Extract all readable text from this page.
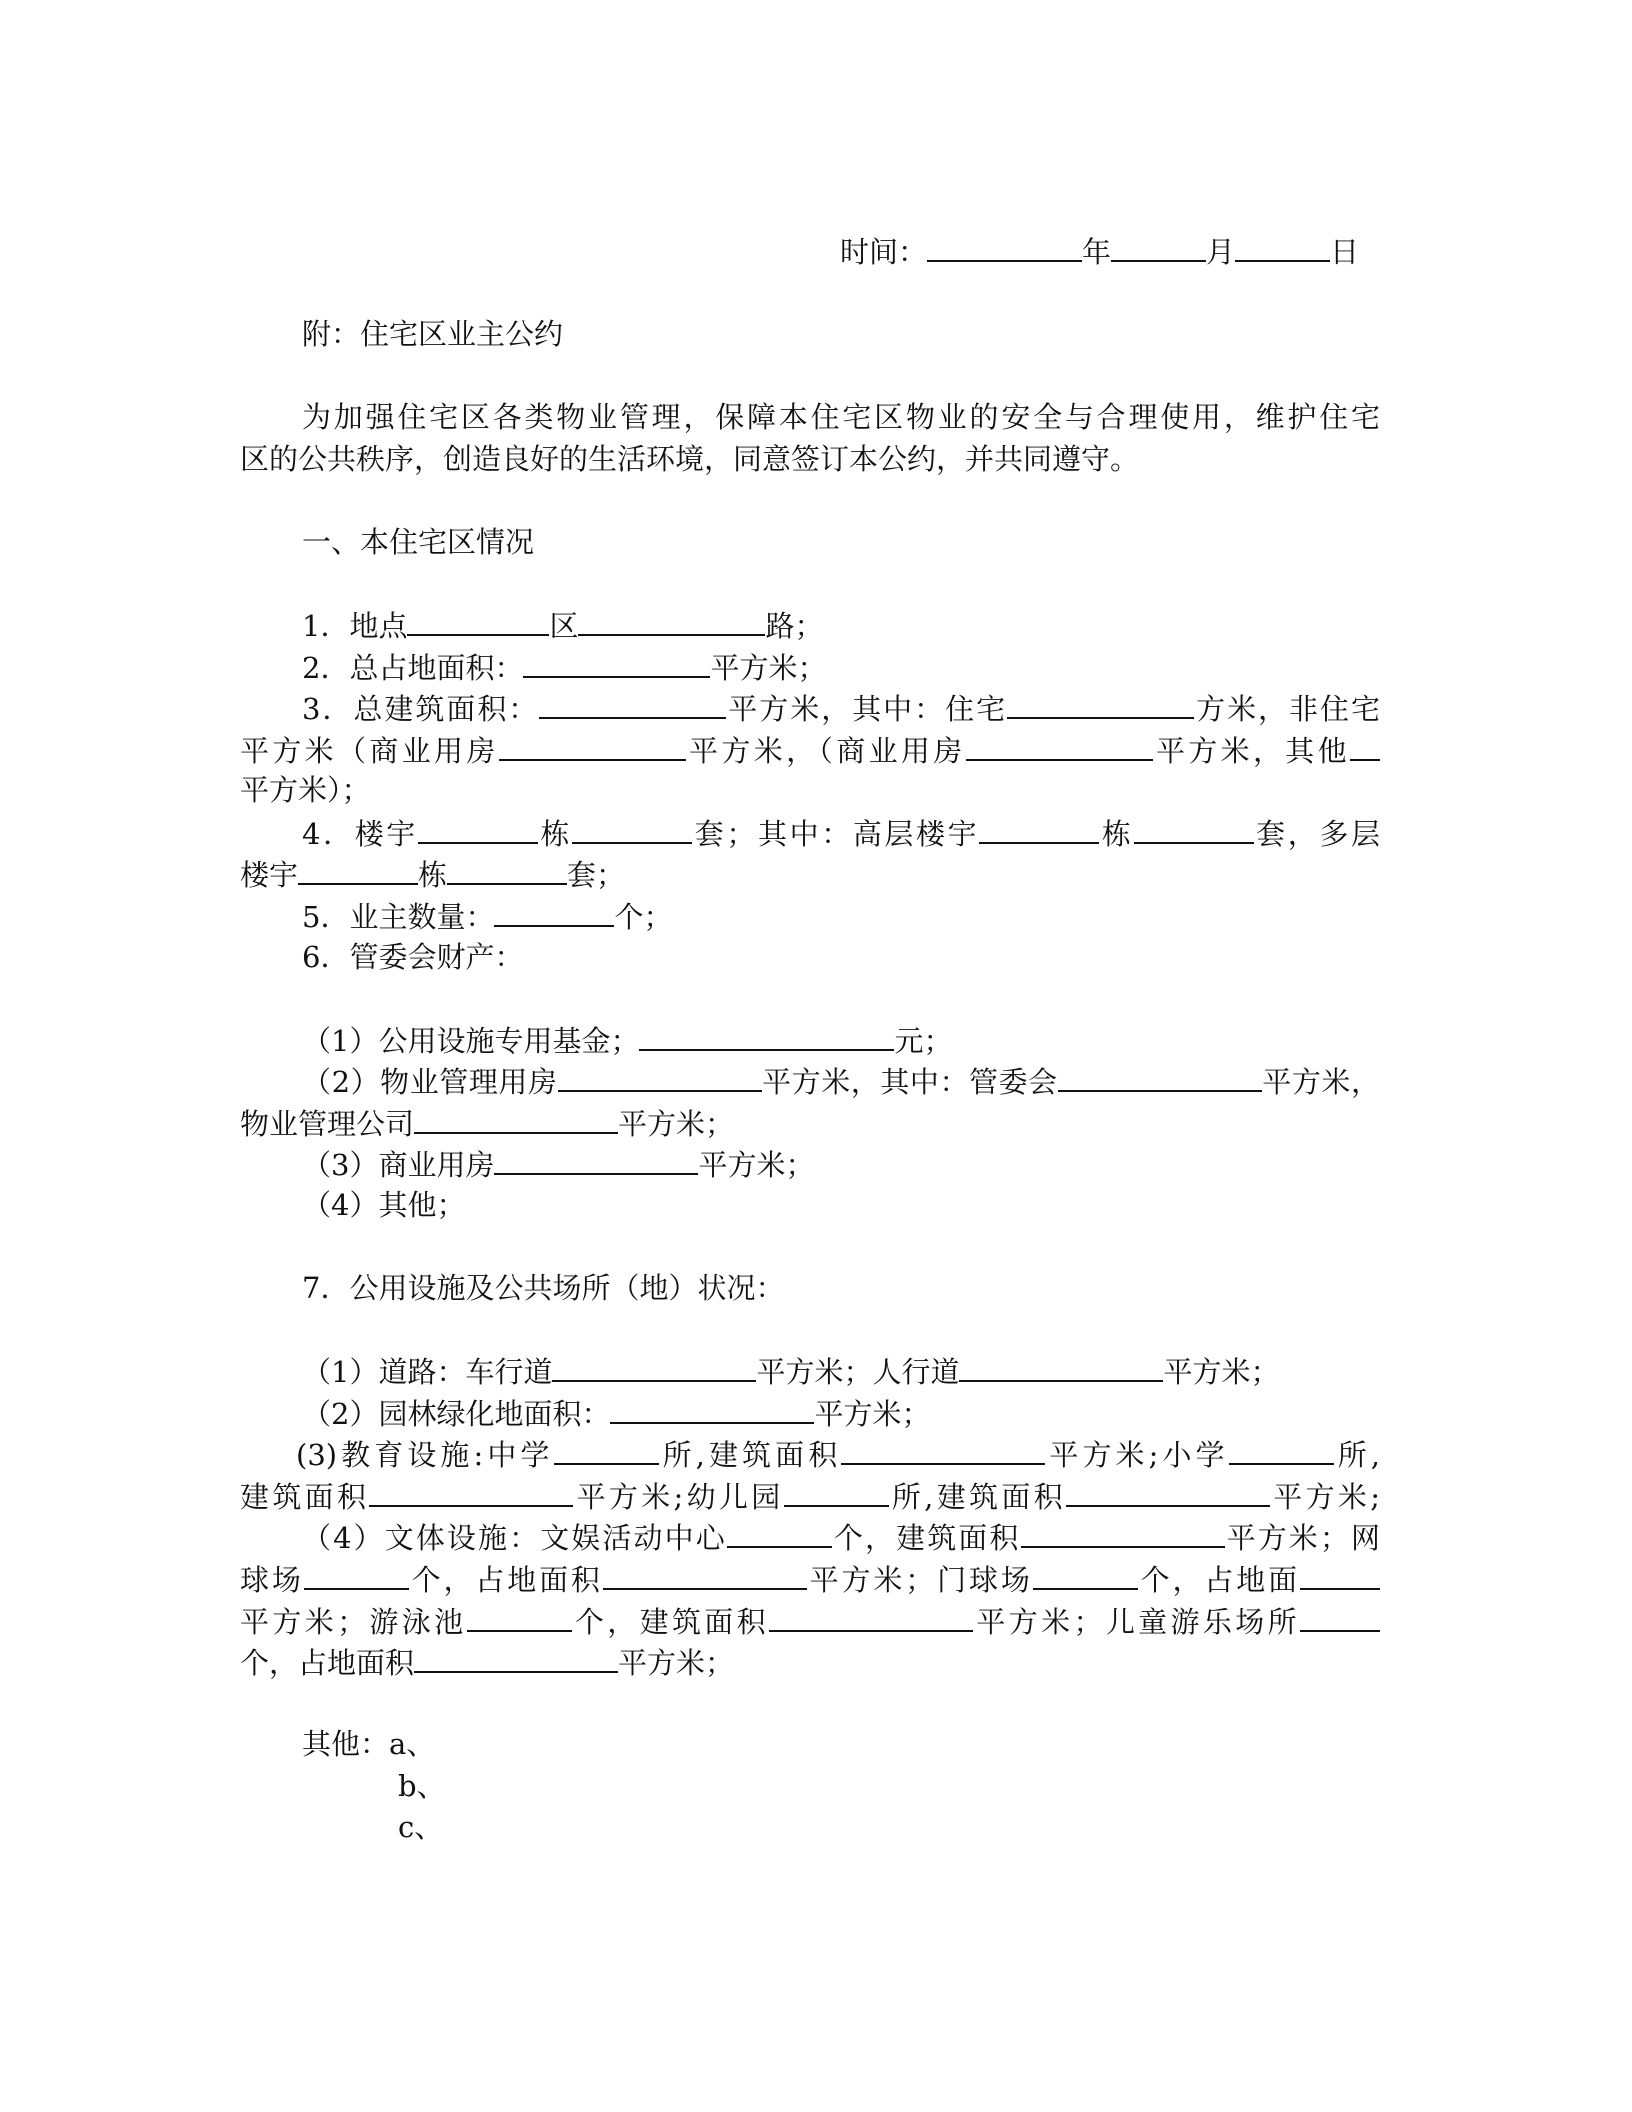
时间：	年	月	日
附：住宅区业主公约
为加强住宅区各类物业管理，保障本住宅区物业的安全与合理使用，维护住宅
区的公共秩序，创造良好的生活环境，同意签订本公约，并共同遵守。
一、本住宅区情况
1．地点	区	路；
2．总占地面积：	平方米；
3．总建筑面积：	平方米，其中：住宅	方米，非住宅
平方米（商业用房	平方米，（商业用房	平方米，其他
平方米）；
4．楼宇	栋	套；其中：高层楼宇	栋	套，多层
楼宇	栋	套；
5．业主数量：	个；
6．管委会财产：
（1）公用设施专用基金；	元；
（2）物业管理用房	平方米，其中：管委会	平方米，
物业管理公司	平方米；
（3）商业用房	平方米；
（4）其他；
7．公用设施及公共场所（地）状况：
（1）道路：车行道	平方米；人行道	平方米；
（2）园林绿化地面积：	平方米；
(3)教育设施:中学	所,建筑面积	平方米;小学	所,
建筑面积	平方米;幼儿园	所,建筑面积	平方米;
（4）文体设施：文娱活动中心	个，建筑面积	平方米；网
球场	个，占地面积	平方米；门球场	个，占地面
平方米；游泳池	个，建筑面积	平方米；儿童游乐场所
个，占地面积	平方米；
其他：a、
b、
c、
